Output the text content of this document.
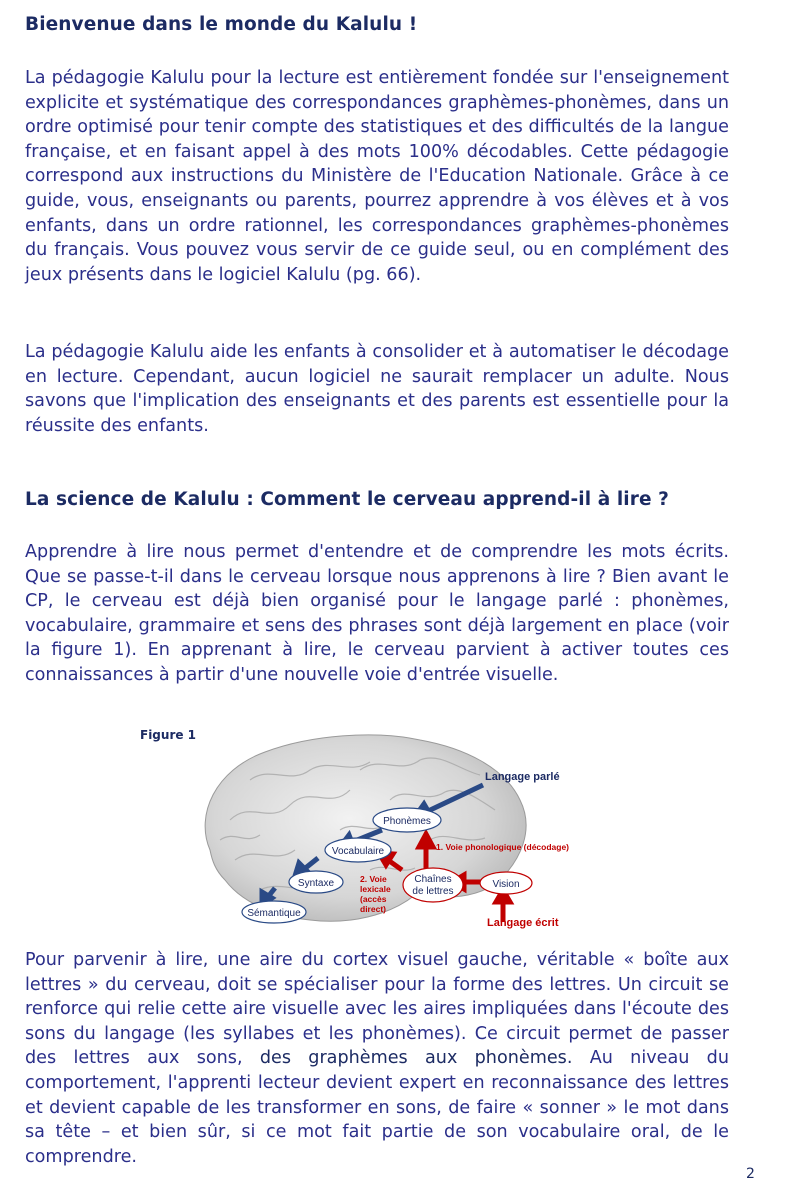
Bienvenue dans le monde du Kalulu !

La pédagogie Kalulu pour la lecture est entièrement fondée sur l'enseignement explicite et systématique des correspondances graphèmes-phonèmes, dans un ordre optimisé pour tenir compte des statistiques et des difficultés de la langue française, et en faisant appel à des mots 100% décodables. Cette pédagogie correspond aux instructions du Ministère de l'Education Nationale. Grâce à ce guide, vous, enseignants ou parents, pourrez apprendre à vos élèves et à vos enfants, dans un ordre rationnel, les correspondances graphèmes-phonèmes du français. Vous pouvez vous servir de ce guide seul, ou en complément des jeux présents dans le logiciel Kalulu (pg. 66).

La pédagogie Kalulu aide les enfants à consolider et à automatiser le décodage en lecture. Cependant, aucun logiciel ne saurait remplacer un adulte. Nous savons que l'implication des enseignants et des parents est essentielle pour la réussite des enfants.

La science de Kalulu : Comment le cerveau apprend-il à lire ?

Apprendre à lire nous permet d'entendre et de comprendre les mots écrits. Que se passe-t-il dans le cerveau lorsque nous apprenons à lire ? Bien avant le CP, le cerveau est déjà bien organisé pour le langage parlé : phonèmes, vocabulaire, grammaire et sens des phrases sont déjà largement en place (voir la figure 1). En apprenant à lire, le cerveau parvient à activer toutes ces connaissances à partir d'une nouvelle voie d'entrée visuelle.

Figure 1
Phonèmes
Vocabulaire
Syntaxe
Sémantique
Chaînes
de lettres
Vision
Langage parlé
Langage écrit
1. Voie phonologique (décodage)
2. Voie
lexicale
(accès
direct)

Pour parvenir à lire, une aire du cortex visuel gauche, véritable « boîte aux lettres » du cerveau, doit se spécialiser pour la forme des lettres. Un circuit se renforce qui relie cette aire visuelle avec les aires impliquées dans l'écoute des sons du langage (les syllabes et les phonèmes). Ce circuit permet de passer des lettres aux sons, des graphèmes aux phonèmes. Au niveau du comportement, l'apprenti lecteur devient expert en reconnaissance des lettres et devient capable de les transformer en sons, de faire « sonner » le mot dans sa tête – et bien sûr, si ce mot fait partie de son vocabulaire oral, de le comprendre.

2
